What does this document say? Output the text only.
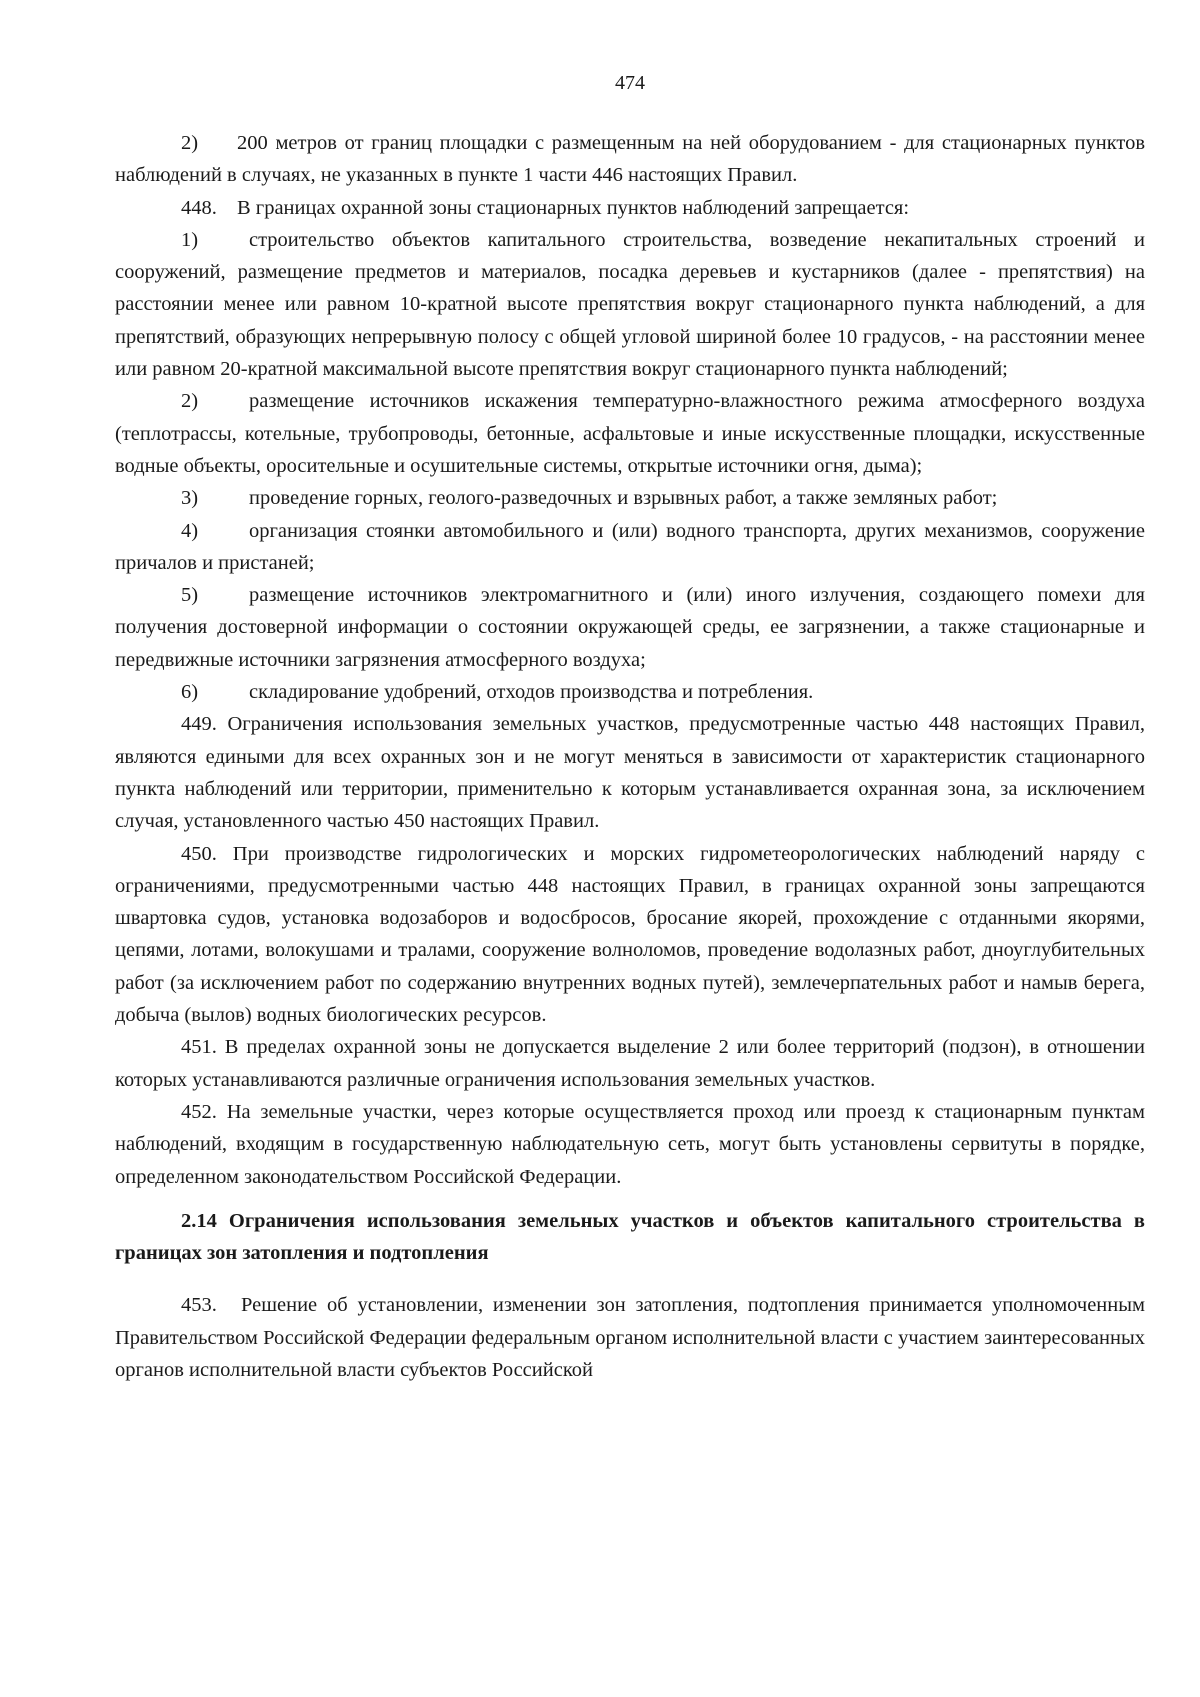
474

2) 200 метров от границ площадки с размещенным на ней оборудованием - для стационарных пунктов наблюдений в случаях, не указанных в пункте 1 части 446 настоящих Правил.

448. В границах охранной зоны стационарных пунктов наблюдений запрещается:

1) строительство объектов капитального строительства, возведение некапитальных строений и сооружений, размещение предметов и материалов, посадка деревьев и кустарников (далее - препятствия) на расстоянии менее или равном 10-кратной высоте препятствия вокруг стационарного пункта наблюдений, а для препятствий, образующих непрерывную полосу с общей угловой шириной более 10 градусов, - на расстоянии менее или равном 20-кратной максимальной высоте препятствия вокруг стационарного пункта наблюдений;

2) размещение источников искажения температурно-влажностного режима атмосферного воздуха (теплотрассы, котельные, трубопроводы, бетонные, асфальтовые и иные искусственные площадки, искусственные водные объекты, оросительные и осушительные системы, открытые источники огня, дыма);

3) проведение горных, геолого-разведочных и взрывных работ, а также земляных работ;

4) организация стоянки автомобильного и (или) водного транспорта, других механизмов, сооружение причалов и пристаней;

5) размещение источников электромагнитного и (или) иного излучения, создающего помехи для получения достоверной информации о состоянии окружающей среды, ее загрязнении, а также стационарные и передвижные источники загрязнения атмосферного воздуха;

6) складирование удобрений, отходов производства и потребления.

449. Ограничения использования земельных участков, предусмотренные частью 448 настоящих Правил, являются едиными для всех охранных зон и не могут меняться в зависимости от характеристик стационарного пункта наблюдений или территории, применительно к которым устанавливается охранная зона, за исключением случая, установленного частью 450 настоящих Правил.

450. При производстве гидрологических и морских гидрометеорологических наблюдений наряду с ограничениями, предусмотренными частью 448 настоящих Правил, в границах охранной зоны запрещаются швартовка судов, установка водозаборов и водосбросов, бросание якорей, прохождение с отданными якорями, цепями, лотами, волокушами и тралами, сооружение волноломов, проведение водолазных работ, дноуглубительных работ (за исключением работ по содержанию внутренних водных путей), землечерпательных работ и намыв берега, добыча (вылов) водных биологических ресурсов.

451. В пределах охранной зоны не допускается выделение 2 или более территорий (подзон), в отношении которых устанавливаются различные ограничения использования земельных участков.

452. На земельные участки, через которые осуществляется проход или проезд к стационарным пунктам наблюдений, входящим в государственную наблюдательную сеть, могут быть установлены сервитуты в порядке, определенном законодательством Российской Федерации.

2.14 Ограничения использования земельных участков и объектов капитального строительства в границах зон затопления и подтопления

453. Решение об установлении, изменении зон затопления, подтопления принимается уполномоченным Правительством Российской Федерации федеральным органом исполнительной власти с участием заинтересованных органов исполнительной власти субъектов Российской
